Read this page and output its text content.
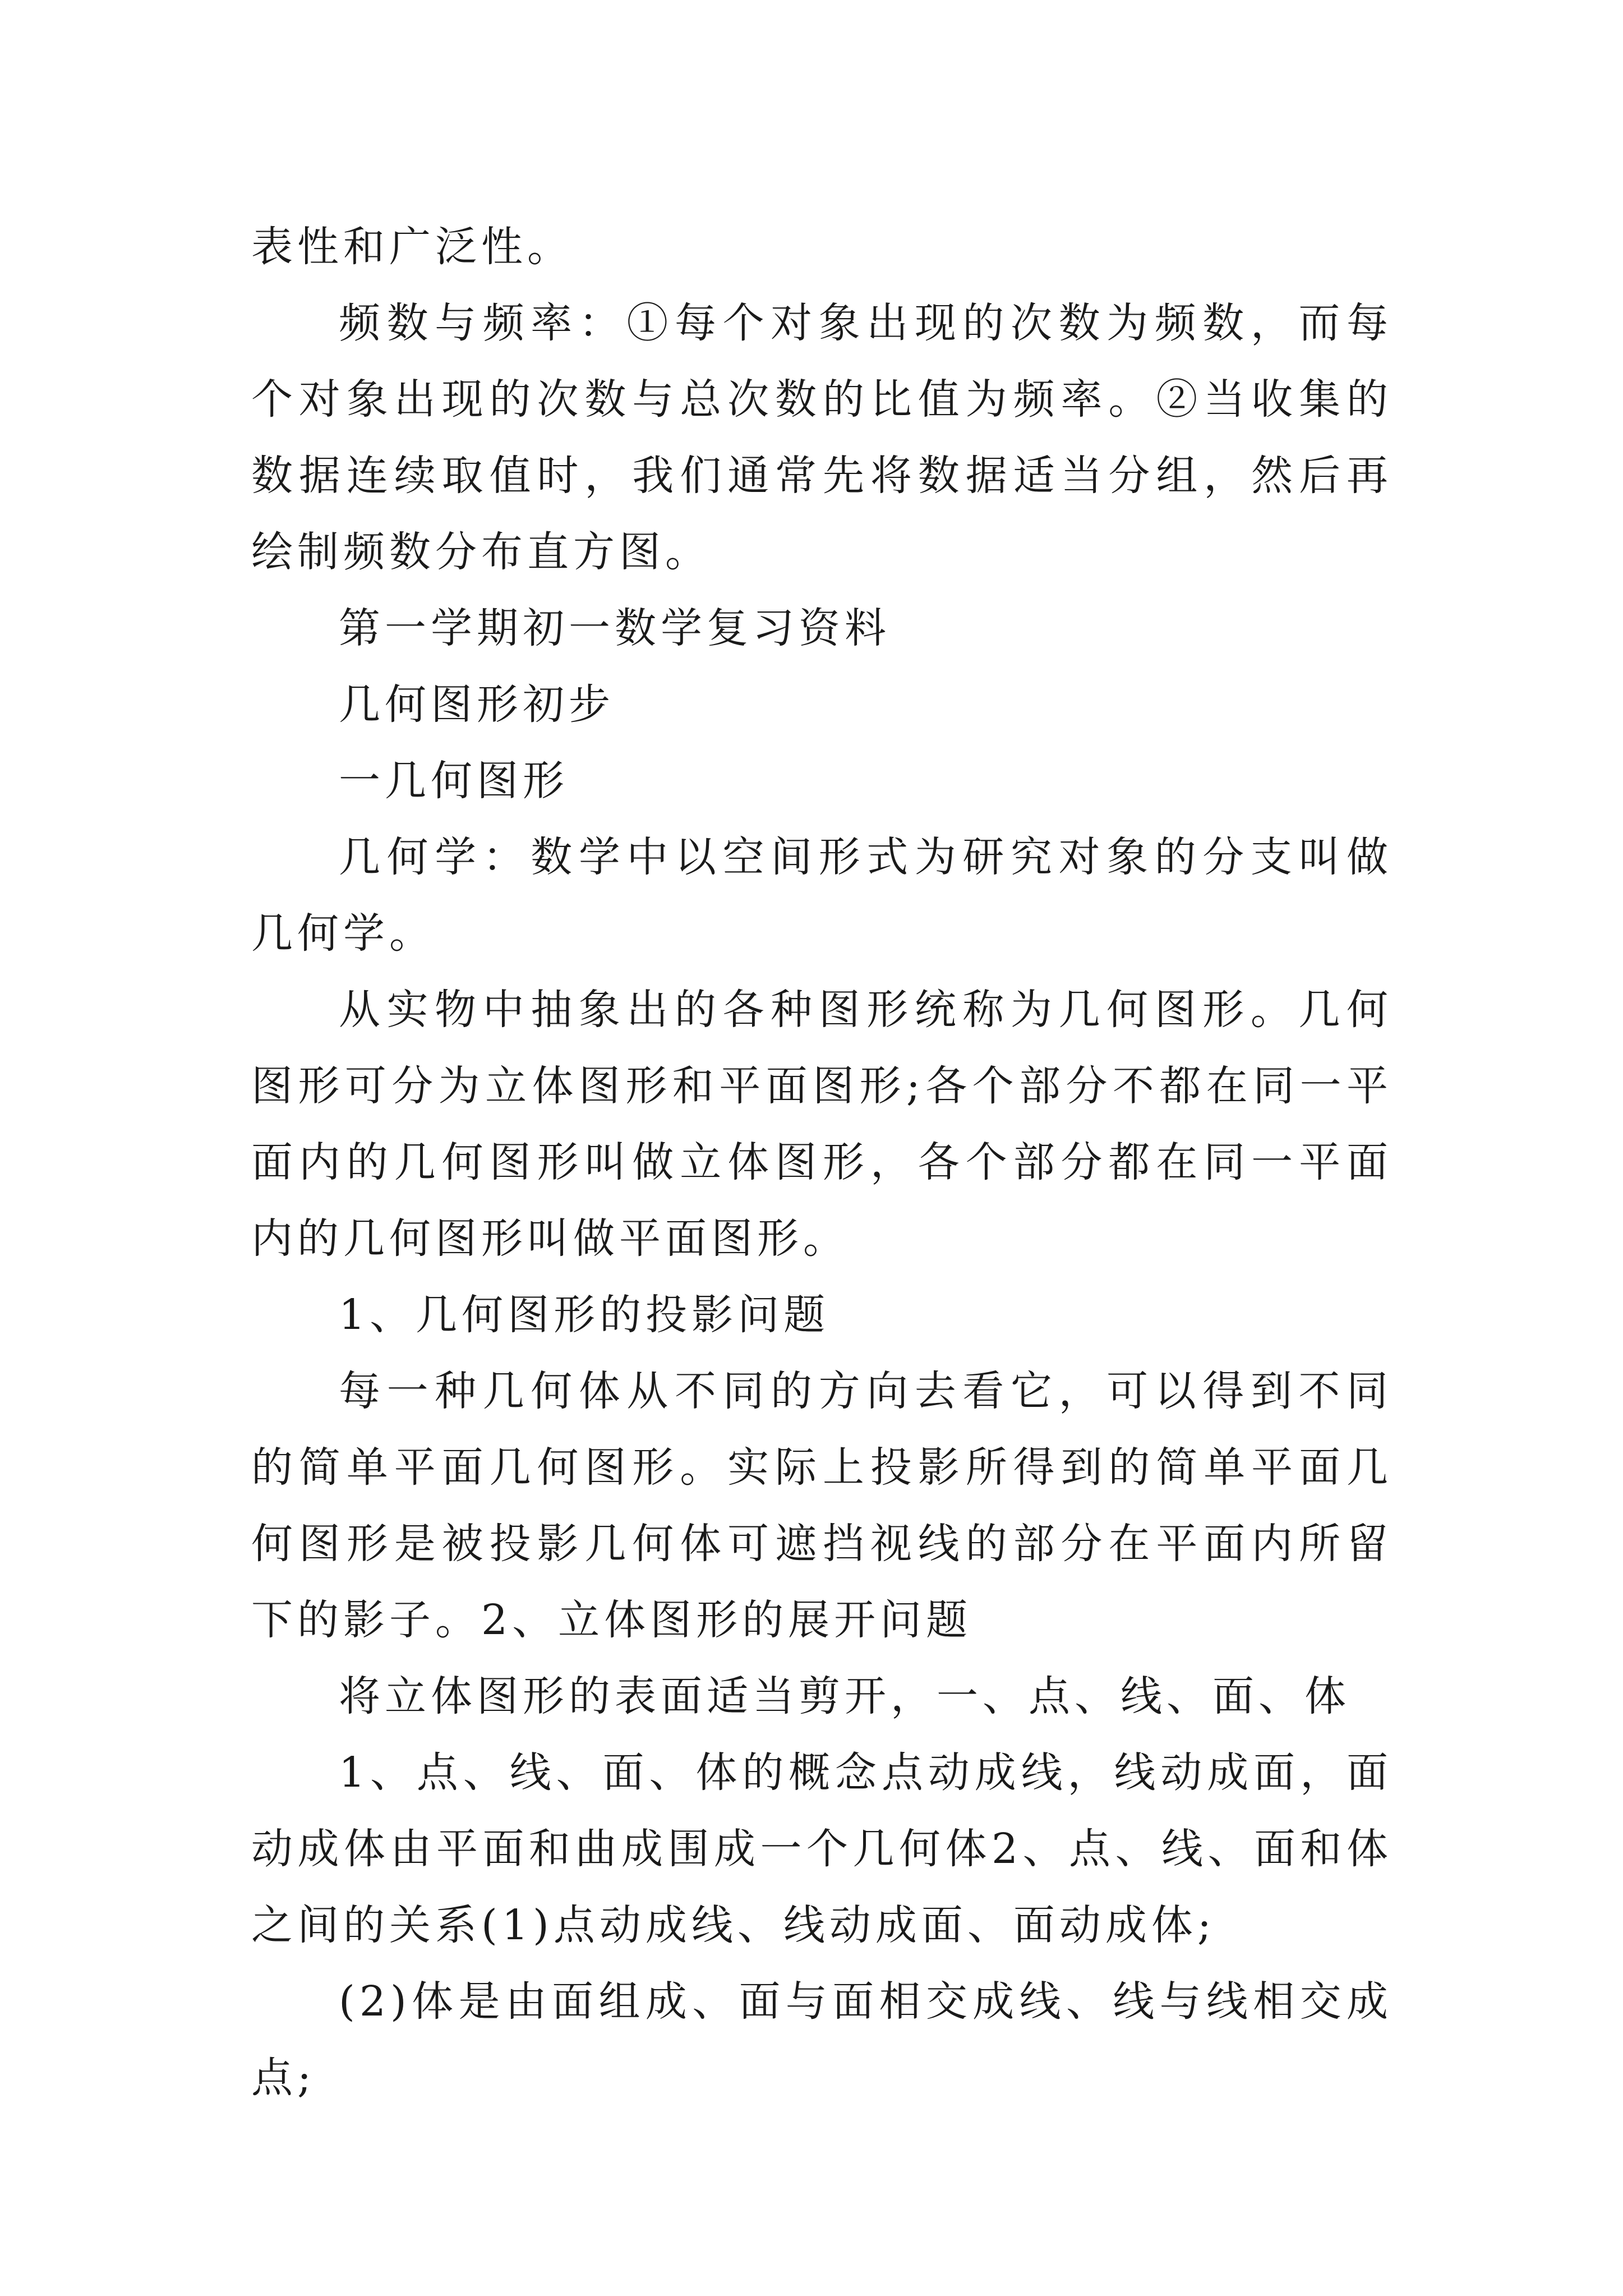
表性和广泛性。

频数与频率：①每个对象出现的次数为频数，而每个对象出现的次数与总次数的比值为频率。②当收集的数据连续取值时，我们通常先将数据适当分组，然后再绘制频数分布直方图。

第一学期初一数学复习资料

几何图形初步

一几何图形

几何学：数学中以空间形式为研究对象的分支叫做几何学。

从实物中抽象出的各种图形统称为几何图形。几何图形可分为立体图形和平面图形;各个部分不都在同一平面内的几何图形叫做立体图形，各个部分都在同一平面内的几何图形叫做平面图形。

1、几何图形的投影问题

每一种几何体从不同的方向去看它，可以得到不同的简单平面几何图形。实际上投影所得到的简单平面几何图形是被投影几何体可遮挡视线的部分在平面内所留下的影子。2、立体图形的展开问题

将立体图形的表面适当剪开，一、点、线、面、体

1、点、线、面、体的概念点动成线，线动成面，面动成体由平面和曲成围成一个几何体2、点、线、面和体之间的关系(1)点动成线、线动成面、面动成体;

(2)体是由面组成、面与面相交成线、线与线相交成点;
